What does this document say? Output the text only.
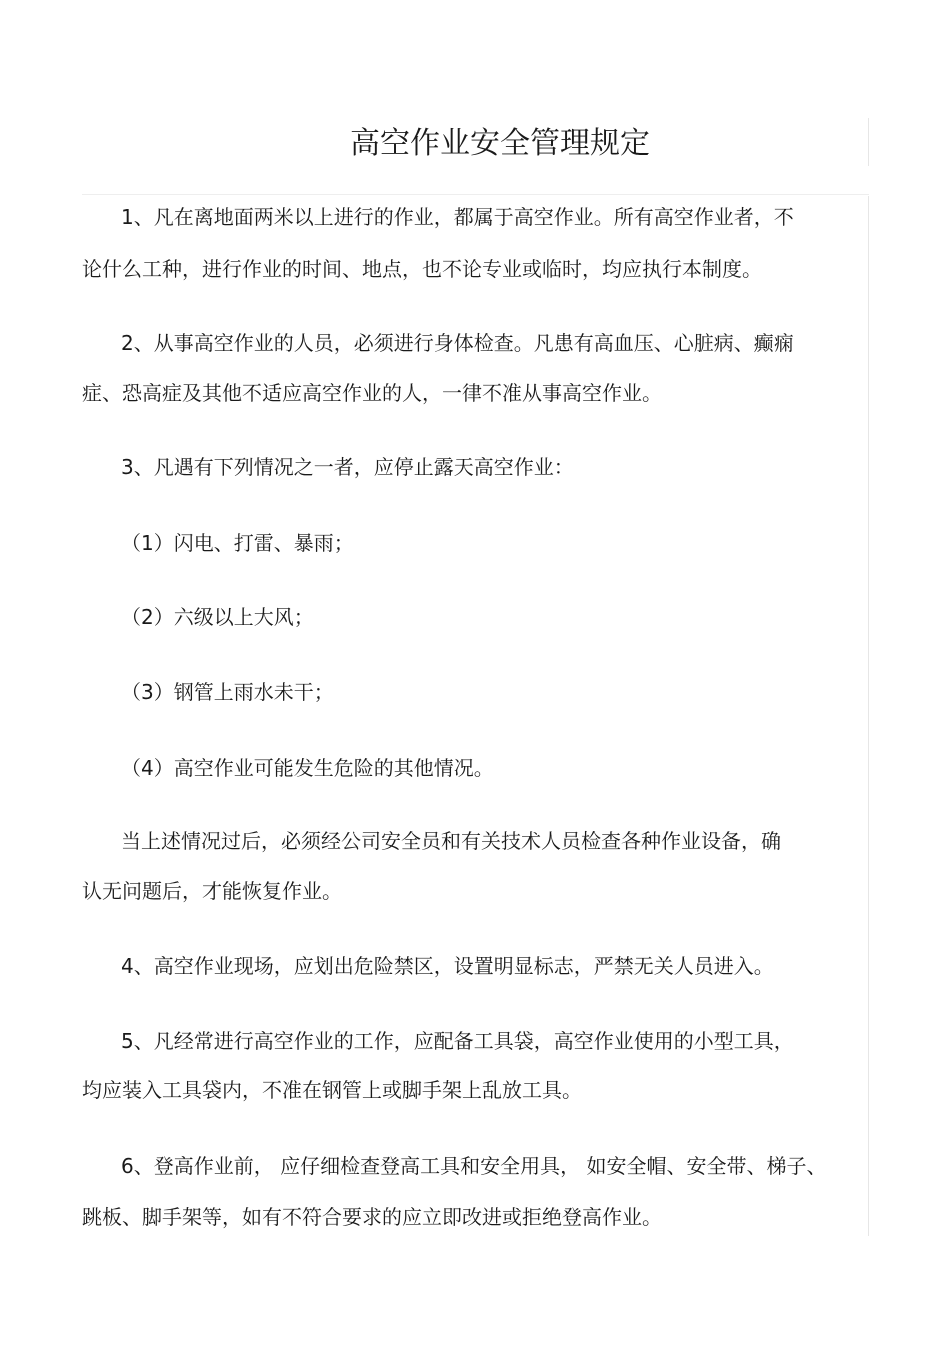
高空作业安全管理规定
1、凡在离地面两米以上进行的作业，都属于高空作业。所有高空作业者，不
论什么工种，进行作业的时间、地点，也不论专业或临时，均应执行本制度。
2、从事高空作业的人员，必须进行身体检查。凡患有高血压、心脏病、癫痫
症、恐高症及其他不适应高空作业的人，一律不准从事高空作业。
3、凡遇有下列情况之一者，应停止露天高空作业：
（1）闪电、打雷、暴雨；
（2）六级以上大风；
（3）钢管上雨水未干；
（4）高空作业可能发生危险的其他情况。
当上述情况过后，必须经公司安全员和有关技术人员检查各种作业设备，确
认无问题后，才能恢复作业。
4、高空作业现场，应划出危险禁区，设置明显标志，严禁无关人员进入。
5、凡经常进行高空作业的工作，应配备工具袋，高空作业使用的小型工具，
均应装入工具袋内，不准在钢管上或脚手架上乱放工具。
6、登高作业前， 应仔细检查登高工具和安全用具， 如安全帽、安全带、梯子、
跳板、脚手架等，如有不符合要求的应立即改进或拒绝登高作业。
